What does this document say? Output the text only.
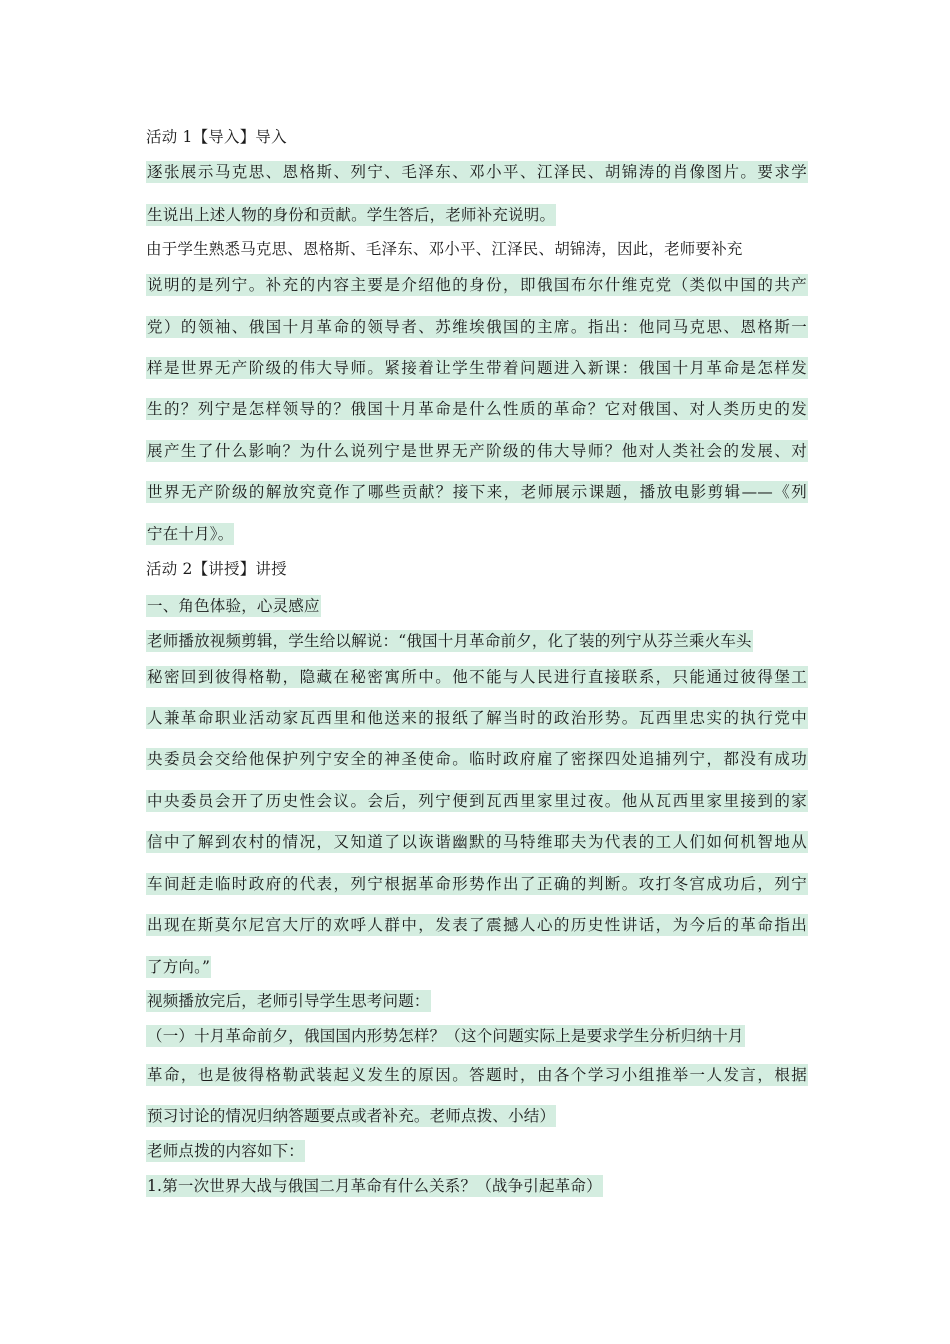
活动 1【导入】导入
逐张展示马克思、恩格斯、列宁、毛泽东、邓小平、江泽民、胡锦涛的肖像图片。要求学
生说出上述人物的身份和贡献。学生答后，老师补充说明。
由于学生熟悉马克思、恩格斯、毛泽东、邓小平、江泽民、胡锦涛，因此，老师要补充
说明的是列宁。补充的内容主要是介绍他的身份，即俄国布尔什维克党（类似中国的共产
党）的领袖、俄国十月革命的领导者、苏维埃俄国的主席。指出：他同马克思、恩格斯一
样是世界无产阶级的伟大导师。紧接着让学生带着问题进入新课：俄国十月革命是怎样发
生的？列宁是怎样领导的？俄国十月革命是什么性质的革命？它对俄国、对人类历史的发
展产生了什么影响？为什么说列宁是世界无产阶级的伟大导师？他对人类社会的发展、对
世界无产阶级的解放究竟作了哪些贡献？接下来，老师展示课题，播放电影剪辑——《列
宁在十月》。
活动 2【讲授】讲授
一、角色体验，心灵感应
老师播放视频剪辑，学生给以解说：“俄国十月革命前夕，化了装的列宁从芬兰乘火车头
秘密回到彼得格勒，隐藏在秘密寓所中。他不能与人民进行直接联系，只能通过彼得堡工
人兼革命职业活动家瓦西里和他送来的报纸了解当时的政治形势。瓦西里忠实的执行党中
央委员会交给他保护列宁安全的神圣使命。临时政府雇了密探四处追捕列宁，都没有成功
中央委员会开了历史性会议。会后，列宁便到瓦西里家里过夜。他从瓦西里家里接到的家
信中了解到农村的情况，又知道了以诙谐幽默的马特维耶夫为代表的工人们如何机智地从
车间赶走临时政府的代表，列宁根据革命形势作出了正确的判断。攻打冬宫成功后，列宁
出现在斯莫尔尼宫大厅的欢呼人群中，发表了震撼人心的历史性讲话，为今后的革命指出
了方向。”
视频播放完后，老师引导学生思考问题：
（一）十月革命前夕，俄国国内形势怎样？（这个问题实际上是要求学生分析归纳十月
革命，也是彼得格勒武装起义发生的原因。答题时，由各个学习小组推举一人发言，根据
预习讨论的情况归纳答题要点或者补充。老师点拨、小结）
老师点拨的内容如下：
1.第一次世界大战与俄国二月革命有什么关系？（战争引起革命）
